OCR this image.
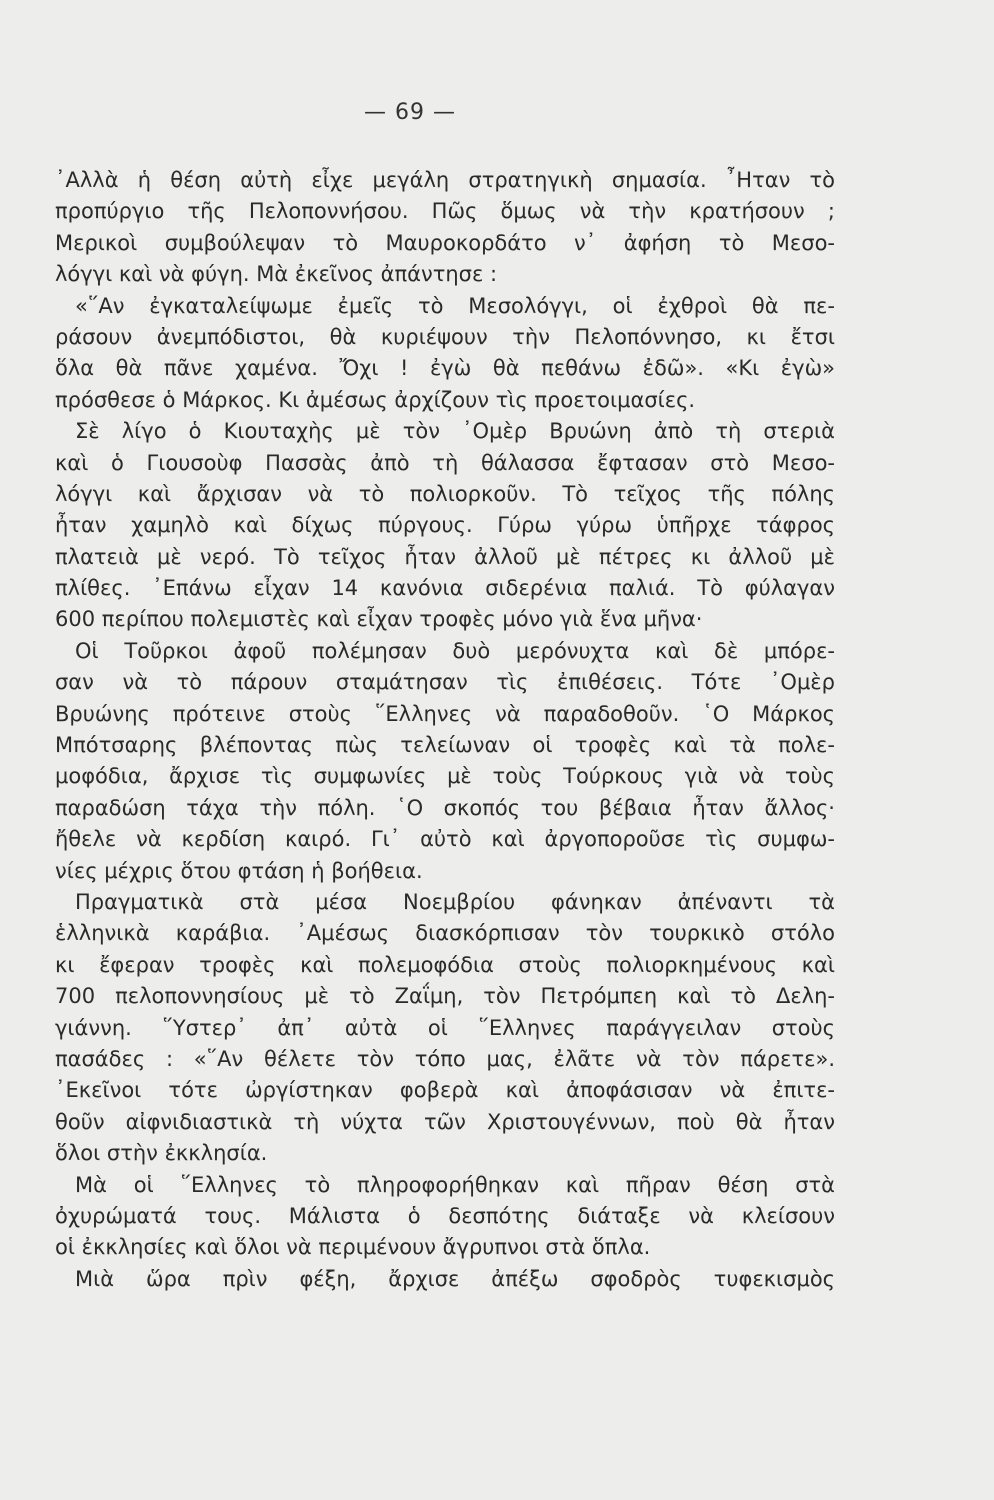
— 69 —
᾿Αλλὰ ἡ θέση αὐτὴ εἶχε μεγάλη στρατηγικὴ σημασία. ῏Ηταν τὸ
προπύργιο τῆς Πελοποννήσου. Πῶς ὅμως νὰ τὴν κρατήσουν ;
Μερικοὶ συμβούλεψαν τὸ Μαυροκορδάτο ν᾿ ἀφήση τὸ Μεσο-
λόγγι καὶ νὰ φύγη. Μὰ ἐκεῖνος ἀπάντησε :
«῞Αν ἐγκαταλείψωμε ἐμεῖς τὸ Μεσολόγγι, οἱ ἐχθροὶ θὰ πε-
ράσουν ἀνεμπόδιστοι, θὰ κυριέψουν τὴν Πελοπόννησο, κι ἔτσι
ὅλα θὰ πᾶνε χαμένα. Ὄχι ! ἐγὼ θὰ πεθάνω ἐδῶ». «Κι ἐγὼ»
πρόσθεσε ὁ Μάρκος. Κι ἀμέσως ἀρχίζουν τὶς προετοιμασίες.
Σὲ λίγο ὁ Κιουταχὴς μὲ τὸν ᾿Ομὲρ Βρυώνη ἀπὸ τὴ στεριὰ
καὶ ὁ Γιουσοὺφ Πασσὰς ἀπὸ τὴ θάλασσα ἔφτασαν στὸ Μεσο-
λόγγι καὶ ἄρχισαν νὰ τὸ πολιορκοῦν. Τὸ τεῖχος τῆς πόλης
ἦταν χαμηλὸ καὶ δίχως πύργους. Γύρω γύρω ὑπῆρχε τάφρος
πλατειὰ μὲ νερό. Τὸ τεῖχος ἦταν ἀλλοῦ μὲ πέτρες κι ἀλλοῦ μὲ
πλίθες. ᾿Επάνω εἶχαν 14 κανόνια σιδερένια παλιά. Τὸ φύλαγαν
600 περίπου πολεμιστὲς καὶ εἶχαν τροφὲς μόνο γιὰ ἕνα μῆνα·
Οἱ Τοῦρκοι ἀφοῦ πολέμησαν δυὸ μερόνυχτα καὶ δὲ μπόρε-
σαν νὰ τὸ πάρουν σταμάτησαν τὶς ἐπιθέσεις. Τότε ᾿Ομὲρ
Βρυώνης πρότεινε στοὺς ῞Ελληνες νὰ παραδοθοῦν. ῾Ο Μάρκος
Μπότσαρης βλέποντας πὼς τελείωναν οἱ τροφὲς καὶ τὰ πολε-
μοφόδια, ἄρχισε τὶς συμφωνίες μὲ τοὺς Τούρκους γιὰ νὰ τοὺς
παραδώση τάχα τὴν πόλη. ῾Ο σκοπός του βέβαια ἦταν ἄλλος·
ἤθελε νὰ κερδίση καιρό. Γι᾿ αὐτὸ καὶ ἀργοποροῦσε τὶς συμφω-
νίες μέχρις ὅτου φτάση ἡ βοήθεια.
Πραγματικὰ στὰ μέσα Νοεμβρίου φάνηκαν ἀπέναντι τὰ
ἑλληνικὰ καράβια. ᾿Αμέσως διασκόρπισαν τὸν τουρκικὸ στόλο
κι ἔφεραν τροφὲς καὶ πολεμοφόδια στοὺς πολιορκημένους καὶ
700 πελοποννησίους μὲ τὸ Ζαΐμη, τὸν Πετρόμπεη καὶ τὸ Δελη-
γιάννη. ῞Υστερ᾿ ἀπ᾿ αὐτὰ οἱ ῞Ελληνες παράγγειλαν στοὺς
πασάδες : «῞Αν θέλετε τὸν τόπο μας, ἐλᾶτε νὰ τὸν πάρετε».
᾿Εκεῖνοι τότε ὠργίστηκαν φοβερὰ καὶ ἀποφάσισαν νὰ ἐπιτε-
θοῦν αἰφνιδιαστικὰ τὴ νύχτα τῶν Χριστουγέννων, ποὺ θὰ ἦταν
ὅλοι στὴν ἐκκλησία.
Μὰ οἱ ῞Ελληνες τὸ πληροφορήθηκαν καὶ πῆραν θέση στὰ
ὀχυρώματά τους. Μάλιστα ὁ δεσπότης διάταξε νὰ κλείσουν
οἱ ἐκκλησίες καὶ ὅλοι νὰ περιμένουν ἄγρυπνοι στὰ ὅπλα.
Μιὰ ὥρα πρὶν φέξη, ἄρχισε ἀπέξω σφοδρὸς τυφεκισμὸς
